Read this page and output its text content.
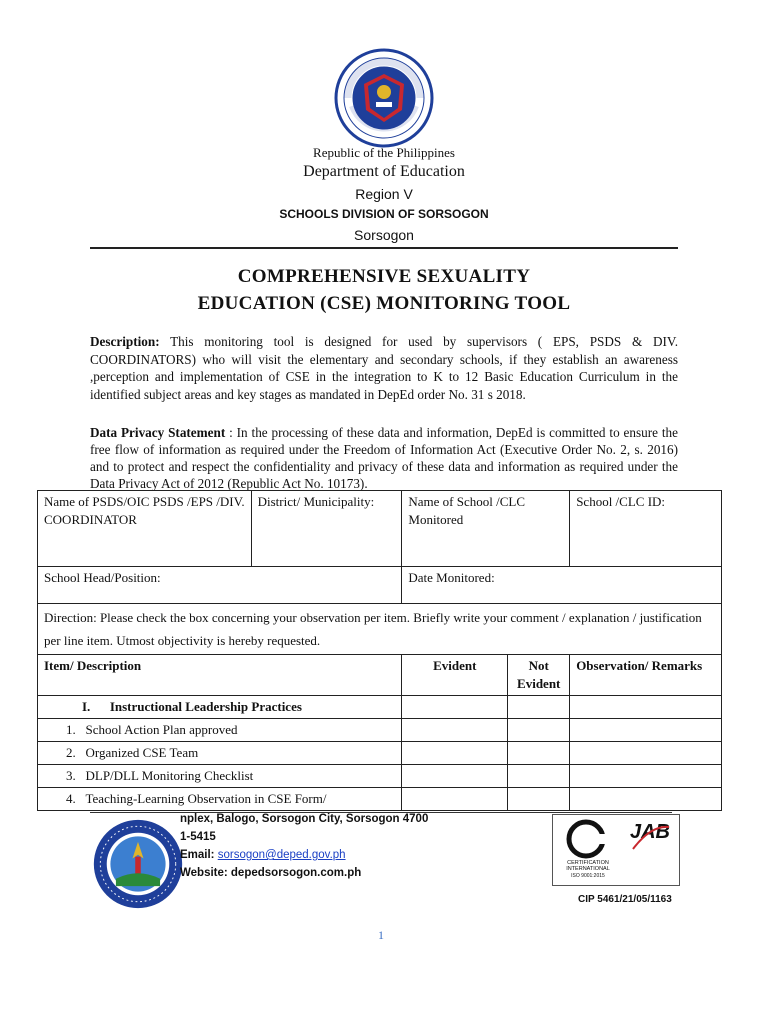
Republic of the Philippines
Department of Education
Region V
SCHOOLS DIVISION OF SORSOGON
Sorsogon
COMPREHENSIVE SEXUALITY
EDUCATION (CSE) MONITORING TOOL
Description: This monitoring tool is designed for used by supervisors ( EPS, PSDS & DIV. COORDINATORS) who will visit the elementary and secondary schools, if they establish an awareness ,perception and implementation of CSE in the integration to K to 12 Basic Education Curriculum in the identified subject areas and key stages as mandated in DepEd order No. 31 s 2018.
Data Privacy Statement : In the processing of these data and information, DepEd is committed to ensure the free flow of information as required under the Freedom of Information Act (Executive Order No. 2, s. 2016) and to protect and respect the confidentiality and privacy of these data and information as required under the Data Privacy Act of 2012 (Republic Act No. 10173).
Name of PSDS/OIC PSDS /EPS /DIV. COORDINATOR	District/ Municipality:	Name of School /CLC Monitored		School /CLC ID:
School Head/Position:		Date Monitored:		
Direction: Please check the box concerning your observation per item. Briefly write your comment / explanation / justification per line item. Utmost objectivity is hereby requested.				
Item/ Description		Evident	Not Evident	Observation/ Remarks
I. Instructional Leadership Practices				
1. School Action Plan approved				
2. Organized CSE Team				
3. DLP/DLL Monitoring Checklist				
4. Teaching-Learning Observation in CSE Form/				
nplex, Balogo, Sorsogon City, Sorsogon 4700
1-5415
Email: sorsogon@deped.gov.ph
Website: depedsorsogon.com.ph
CERTIFICATION INTERNATIONAL
ISO 9001:2015
JAB
CIP 5461/21/05/1163
1
